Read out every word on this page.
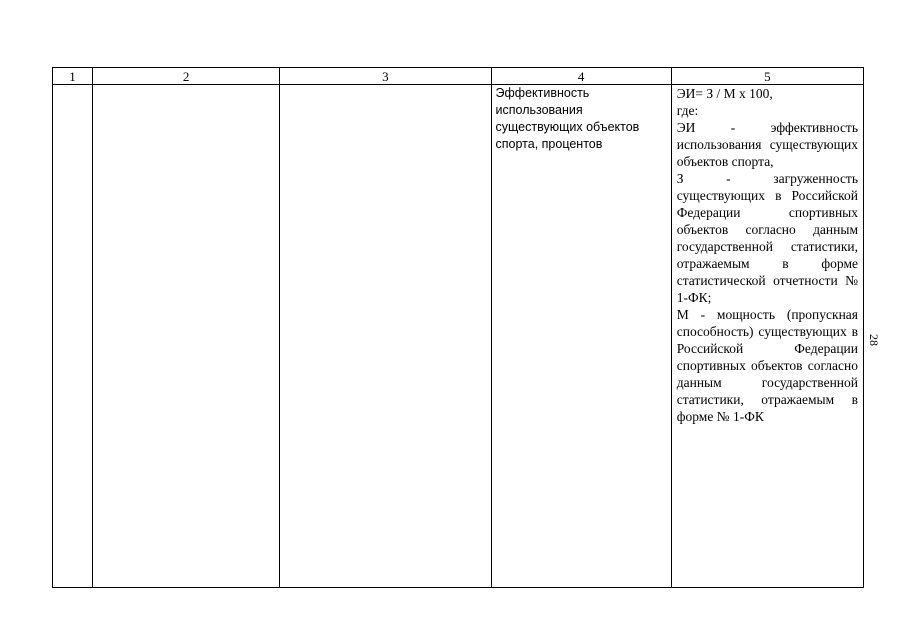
1	2	3	4	5

			Эффективность использования существующих объектов спорта, процентов	ЭИ= З / М х 100,
где:
ЭИ - эффективность использования существующих объектов спорта,
З - загруженность существующих в Российской Федерации спортивных объектов согласно данным государственной статистики, отражаемым в форме статистической отчетности № 1-ФК;
М - мощность (пропускная способность) существующих в Российской Федерации спортивных объектов согласно данным государственной статистики, отражаемым в форме № 1-ФК
28
